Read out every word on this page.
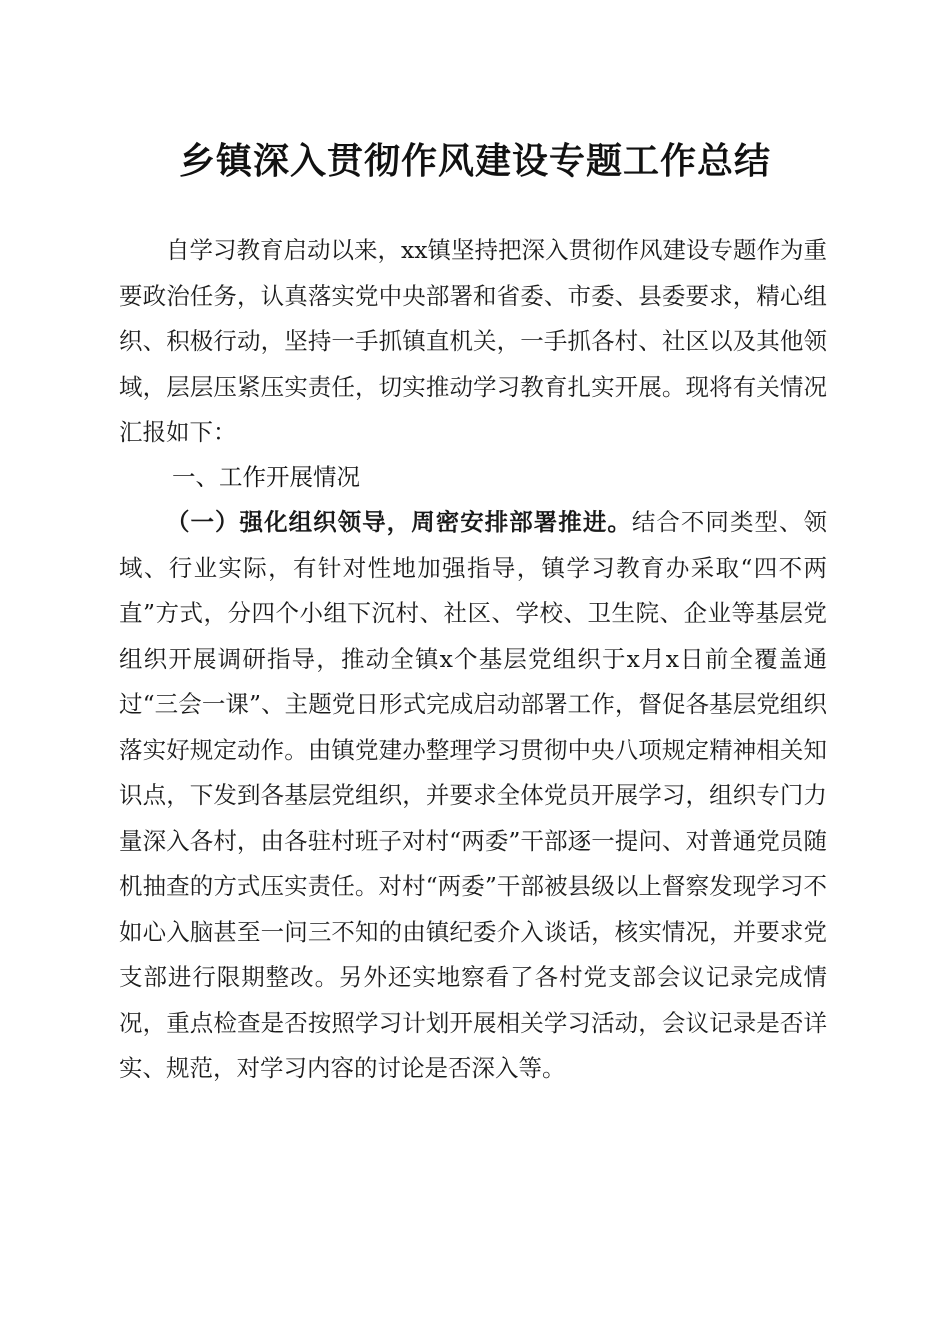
乡镇深入贯彻作风建设专题工作总结
自学习教育启动以来，xx镇坚持把深入贯彻作风建设专题作为重要政治任务，认真落实党中央部署和省委、市委、县委要求，精心组织、积极行动，坚持一手抓镇直机关，一手抓各村、社区以及其他领域，层层压紧压实责任，切实推动学习教育扎实开展。现将有关情况汇报如下：
一、工作开展情况
（一）强化组织领导，周密安排部署推进。结合不同类型、领域、行业实际，有针对性地加强指导，镇学习教育办采取“四不两直”方式，分四个小组下沉村、社区、学校、卫生院、企业等基层党组织开展调研指导，推动全镇x个基层党组织于x月x日前全覆盖通过“三会一课”、主题党日形式完成启动部署工作，督促各基层党组织落实好规定动作。由镇党建办整理学习贯彻中央八项规定精神相关知识点，下发到各基层党组织，并要求全体党员开展学习，组织专门力量深入各村，由各驻村班子对村“两委”干部逐一提问、对普通党员随机抽查的方式压实责任。对村“两委”干部被县级以上督察发现学习不如心入脑甚至一问三不知的由镇纪委介入谈话，核实情况，并要求党支部进行限期整改。另外还实地察看了各村党支部会议记录完成情况，重点检查是否按照学习计划开展相关学习活动，会议记录是否详实、规范，对学习内容的讨论是否深入等。
